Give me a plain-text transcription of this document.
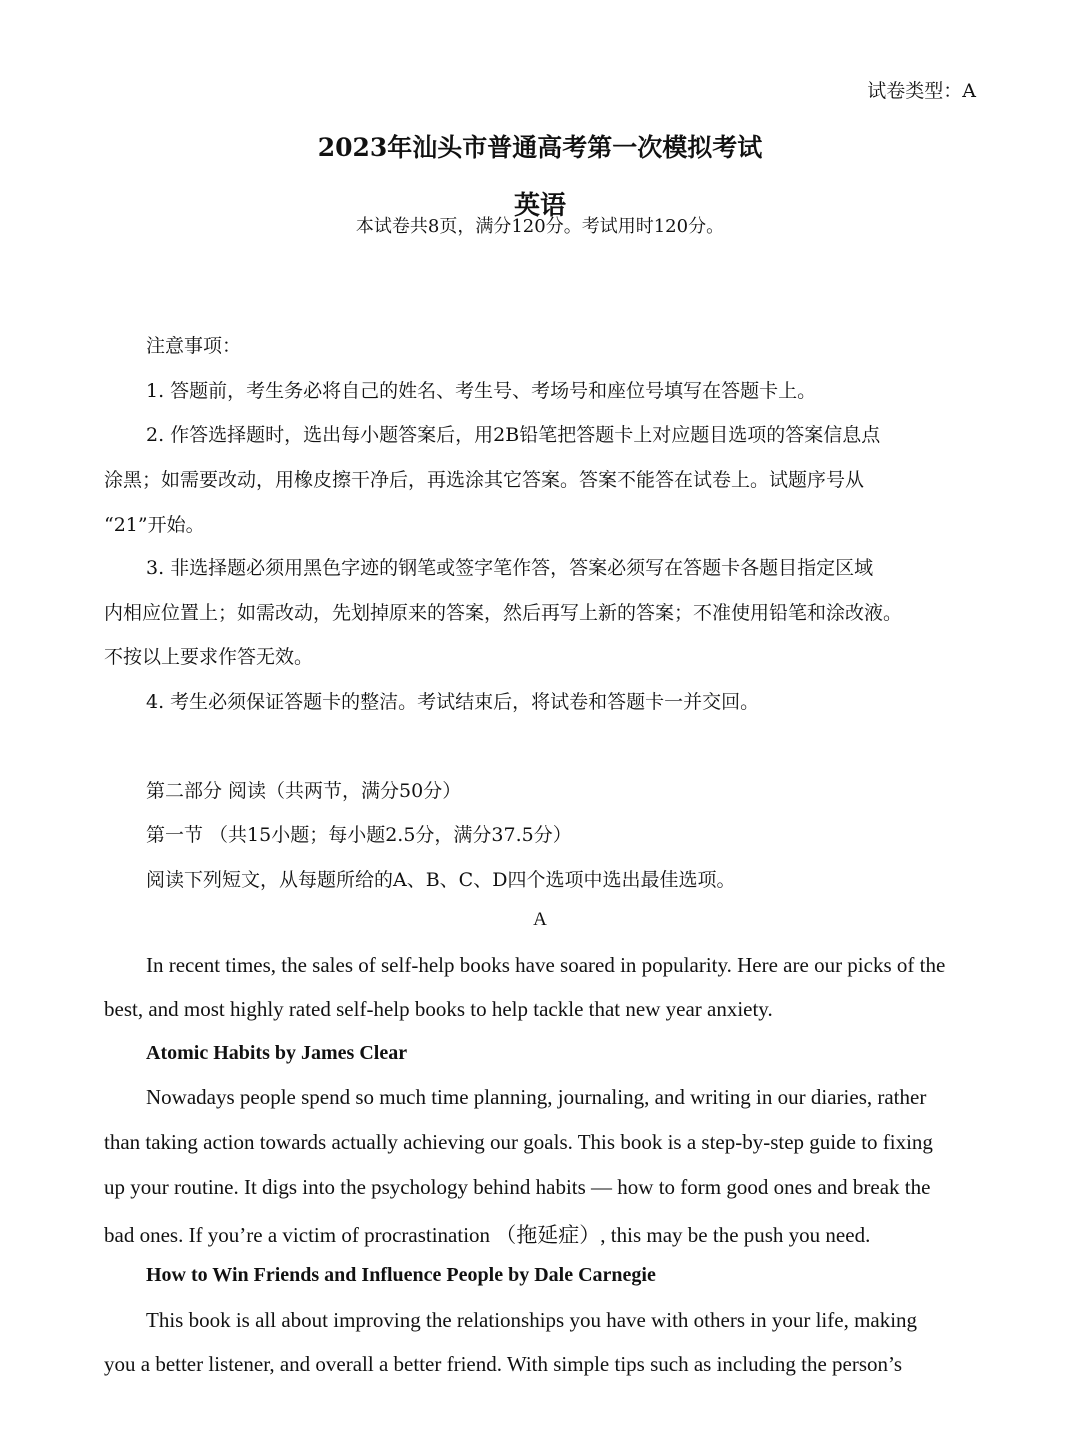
试卷类型：A
2023年汕头市普通高考第一次模拟考试
英语
本试卷共8页，满分120分。考试用时120分。
注意事项：
1. 答题前，考生务必将自己的姓名、考生号、考场号和座位号填写在答题卡上。
2. 作答选择题时，选出每小题答案后，用2B铅笔把答题卡上对应题目选项的答案信息点
涂黑；如需要改动，用橡皮擦干净后，再选涂其它答案。答案不能答在试卷上。试题序号从
“21”开始。
3. 非选择题必须用黑色字迹的钢笔或签字笔作答，答案必须写在答题卡各题目指定区域
内相应位置上；如需改动，先划掉原来的答案，然后再写上新的答案；不准使用铅笔和涂改液。
不按以上要求作答无效。
4. 考生必须保证答题卡的整洁。考试结束后，将试卷和答题卡一并交回。
第二部分 阅读（共两节，满分50分）
第一节 （共15小题；每小题2.5分，满分37.5分）
阅读下列短文，从每题所给的A、B、C、D四个选项中选出最佳选项。
A
In recent times, the sales of self-help books have soared in popularity. Here are our picks of the
best, and most highly rated self-help books to help tackle that new year anxiety.
Atomic Habits by James Clear
Nowadays people spend so much time planning, journaling, and writing in our diaries, rather
than taking action towards actually achieving our goals. This book is a step-by-step guide to fixing
up your routine. It digs into the psychology behind habits — how to form good ones and break the
bad ones. If you’re a victim of procrastination （拖延症）, this may be the push you need.
How to Win Friends and Influence People by Dale Carnegie
This book is all about improving the relationships you have with others in your life, making
you a better listener, and overall a better friend. With simple tips such as including the person’s
